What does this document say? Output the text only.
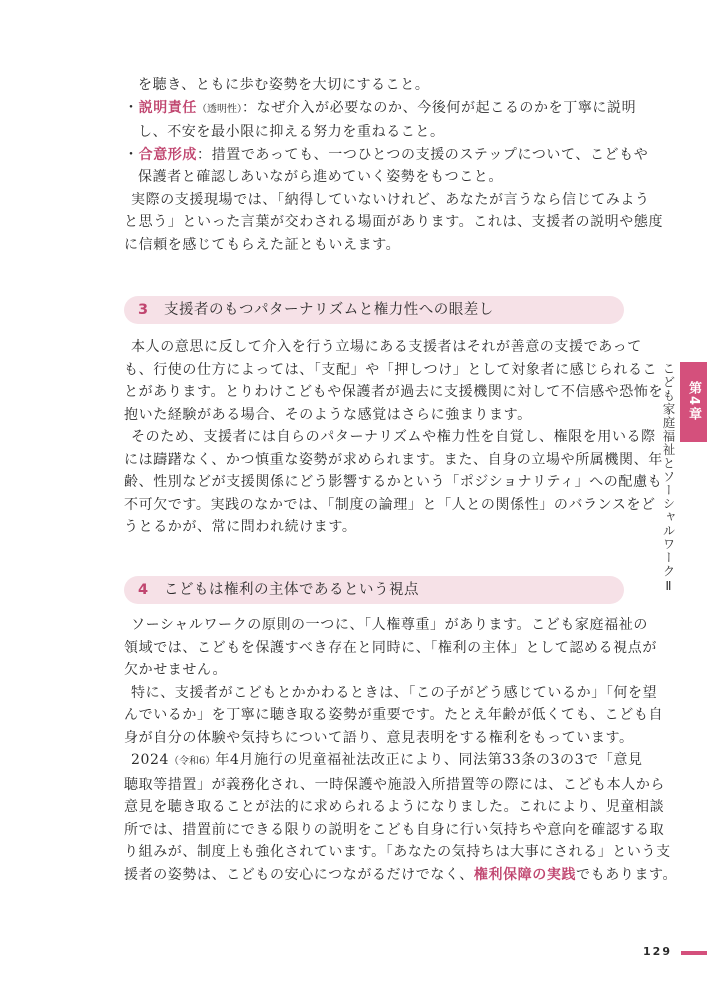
を聴き、ともに歩む姿勢を大切にすること。
・説明責任（透明性）：なぜ介入が必要なのか、今後何が起こるのかを丁寧に説明
し、不安を最小限に抑える努力を重ねること。
・合意形成：措置であっても、一つひとつの支援のステップについて、こどもや
保護者と確認しあいながら進めていく姿勢をもつこと。
実際の支援現場では、「納得していないけれど、あなたが言うなら信じてみよう
と思う」といった言葉が交わされる場面があります。これは、支援者の説明や態度
に信頼を感じてもらえた証ともいえます。
3 支援者のもつパターナリズムと権力性への眼差し
本人の意思に反して介入を行う立場にある支援者はそれが善意の支援であって
も、行使の仕方によっては、「支配」や「押しつけ」として対象者に感じられるこ
とがあります。とりわけこどもや保護者が過去に支援機関に対して不信感や恐怖を
抱いた経験がある場合、そのような感覚はさらに強まります。
そのため、支援者には自らのパターナリズムや権力性を自覚し、権限を用いる際
には躊躇なく、かつ慎重な姿勢が求められます。また、自身の立場や所属機関、年
齢、性別などが支援関係にどう影響するかという「ポジショナリティ」への配慮も
不可欠です。実践のなかでは、「制度の論理」と「人との関係性」のバランスをど
うとるかが、常に問われ続けます。
4 こどもは権利の主体であるという視点
ソーシャルワークの原則の一つに、「人権尊重」があります。こども家庭福祉の
領域では、こどもを保護すべき存在と同時に、「権利の主体」として認める視点が
欠かせません。
特に、支援者がこどもとかかわるときは、「この子がどう感じているか」「何を望
んでいるか」を丁寧に聴き取る姿勢が重要です。たとえ年齢が低くても、こども自
身が自分の体験や気持ちについて語り、意見表明をする権利をもっています。
2024（令和6）年4月施行の児童福祉法改正により、同法第33条の3の3で「意見
聴取等措置」が義務化され、一時保護や施設入所措置等の際には、こども本人から
意見を聴き取ることが法的に求められるようになりました。これにより、児童相談
所では、措置前にできる限りの説明をこども自身に行い気持ちや意向を確認する取
り組みが、制度上も強化されています。「あなたの気持ちは大事にされる」という支
援者の姿勢は、こどもの安心につながるだけでなく、権利保障の実践でもあります。
第4章
こども家庭福祉とソーシャルワークⅡ
129
